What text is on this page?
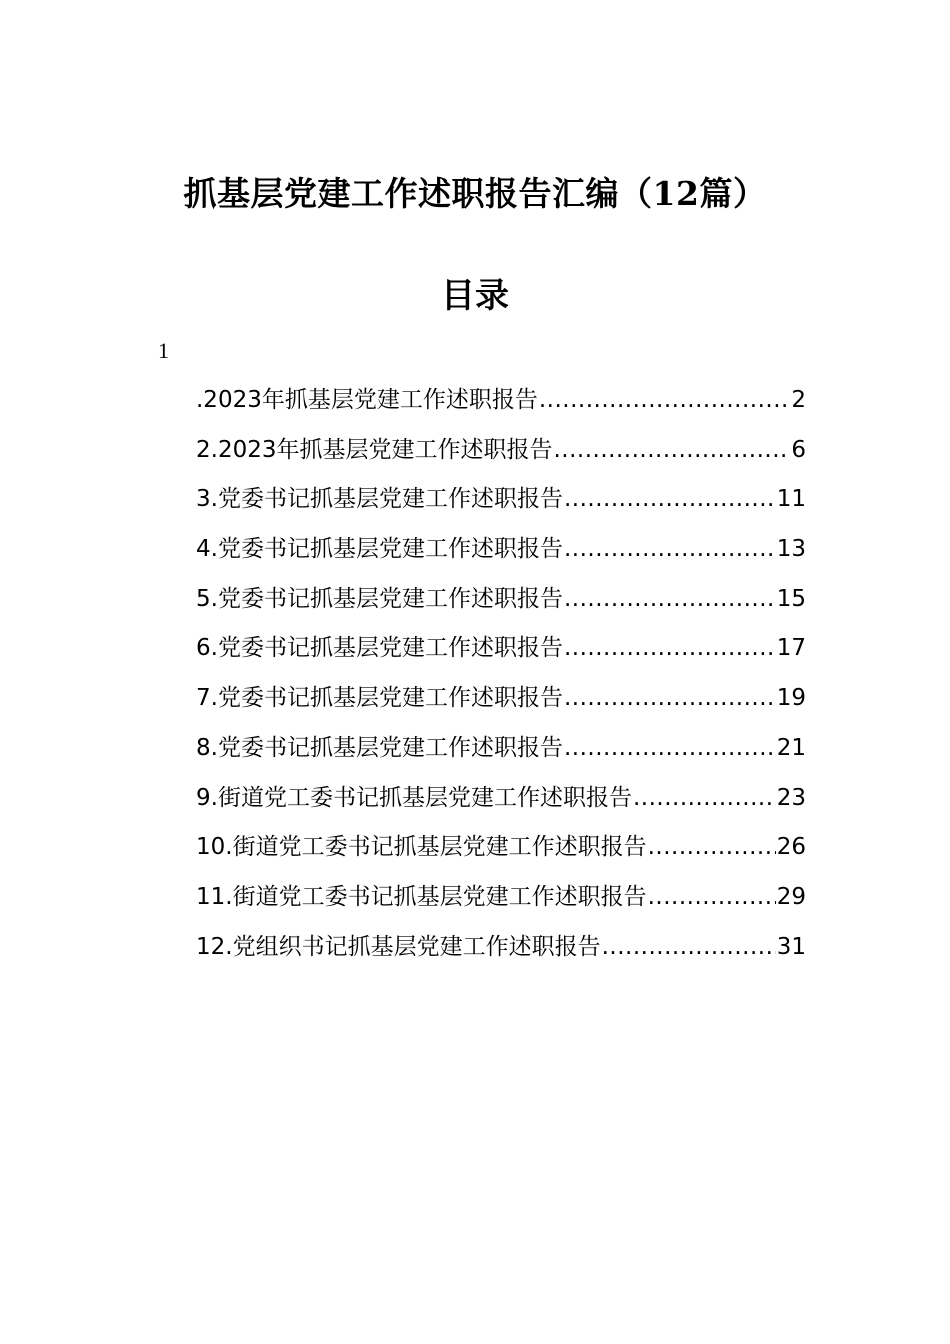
抓基层党建工作述职报告汇编（12篇）
目录
1
.2023年抓基层党建工作述职报告 .....	2
2.2023年抓基层党建工作述职报告 .....	6
3.党委书记抓基层党建工作述职报告 .....	11
4.党委书记抓基层党建工作述职报告 .....	13
5.党委书记抓基层党建工作述职报告 .....	15
6.党委书记抓基层党建工作述职报告 .....	17
7.党委书记抓基层党建工作述职报告 .....	19
8.党委书记抓基层党建工作述职报告 .....	21
9.街道党工委书记抓基层党建工作述职报告 .....	23
10.街道党工委书记抓基层党建工作述职报告 .....	26
11.街道党工委书记抓基层党建工作述职报告 .....	29
12.党组织书记抓基层党建工作述职报告 .....	31
